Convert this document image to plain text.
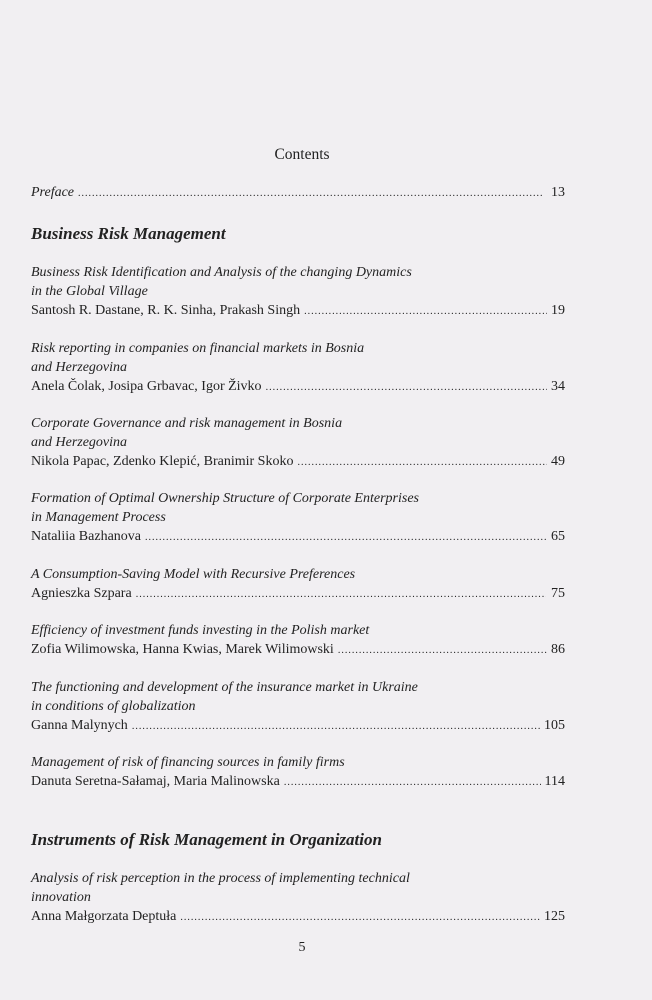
Contents
Preface .....	13
Business Risk Management
Business Risk Identification and Analysis of the changing Dynamics
in the Global Village
Santosh R. Dastane, R. K. Sinha, Prakash Singh .....	19
Risk reporting in companies on financial markets in Bosnia
and Herzegovina
Anela Čolak, Josipa Grbavac, Igor Živko .....	34
Corporate Governance and risk management in Bosnia
and Herzegovina
Nikola Papac, Zdenko Klepić, Branimir Skoko .....	49
Formation of Optimal Ownership Structure of Corporate Enterprises
in Management Process
Nataliia Bazhanova .....	65
A Consumption-Saving Model with Recursive Preferences
Agnieszka Szpara .....	75
Efficiency of investment funds investing in the Polish market
Zofia Wilimowska, Hanna Kwias, Marek Wilimowski .....	86
The functioning and development of the insurance market in Ukraine
in conditions of globalization
Ganna Malynych .....	105
Management of risk of financing sources in family firms
Danuta Seretna-Sałamaj, Maria Malinowska .....	114
Instruments of Risk Management in Organization
Analysis of risk perception in the process of implementing technical
innovation
Anna Małgorzata Deptuła .....	125
5
